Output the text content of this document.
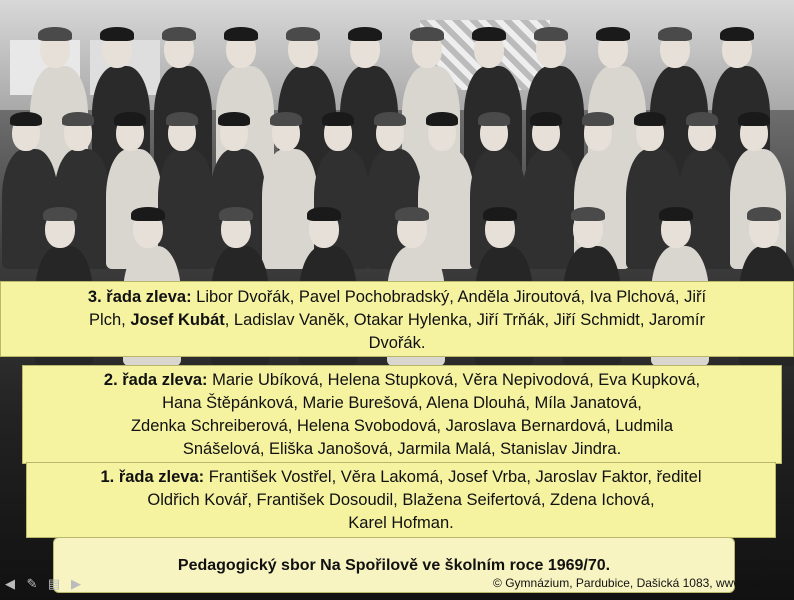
3. řada zleva: Libor Dvořák, Pavel Pochobradský, Anděla Jiroutová, Iva Plchová, Jiří
Plch, Josef Kubát, Ladislav Vaněk, Otakar Hylenka, Jiří Trňák, Jiří Schmidt, Jaromír
Dvořák.
2. řada zleva: Marie Ubíková, Helena Stupková, Věra Nepivodová, Eva Kupková,
Hana Štěpánková, Marie Burešová, Alena Dlouhá, Míla Janatová,
Zdenka Schreiberová, Helena Svobodová, Jaroslava Bernardová, Ludmila
Snášelová, Eliška Janošová, Jarmila Malá, Stanislav Jindra.
1. řada zleva: František Vostřel, Věra Lakomá, Josef Vrba, Jaroslav Faktor, ředitel
Oldřich Kovář, František Dosoudil, Blažena Seifertová, Zdena Ichová,
Karel Hofman.
Pedagogický sbor Na Spořilově ve školním roce 1969/70.
◀ ✎ ▤ ▶	© Gymnázium, Pardubice, Dašická 1083, www.gypce.cz
